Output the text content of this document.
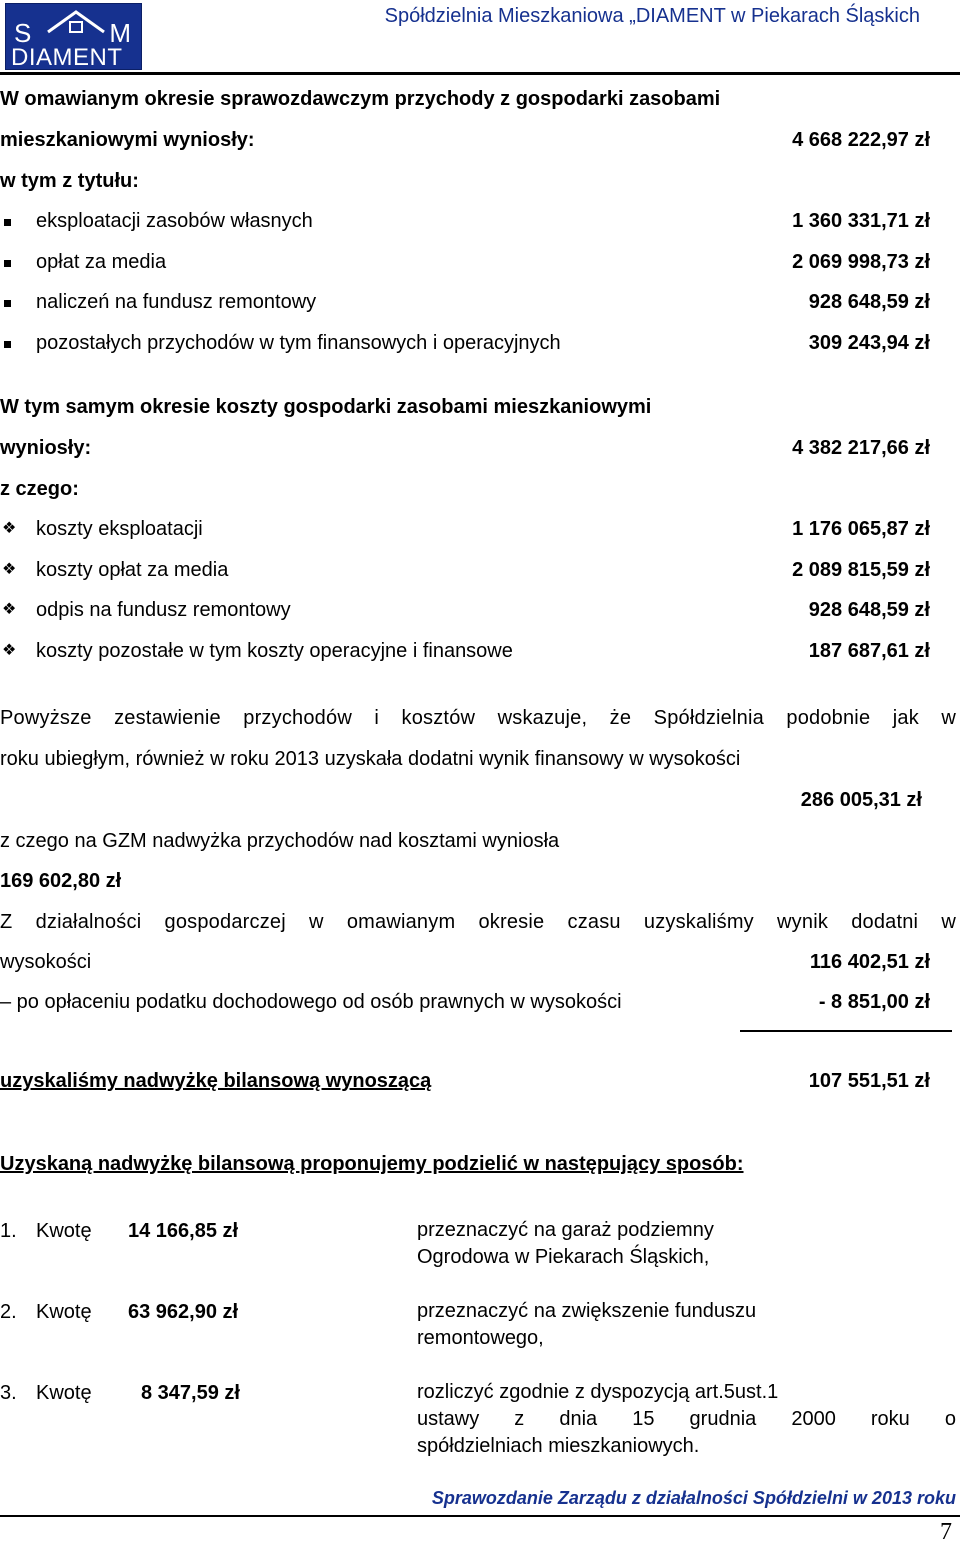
S	M
DIAMENT
Spółdzielnia Mieszkaniowa „DIAMENT w Piekarach Śląskich
W omawianym okresie sprawozdawczym przychody z gospodarki zasobami
mieszkaniowymi wyniosły:	4 668 222,97 zł
w tym z tytułu:
eksploatacji zasobów własnych	1 360 331,71 zł
opłat za media	2 069 998,73 zł
naliczeń na fundusz remontowy	928 648,59 zł
pozostałych przychodów w tym finansowych i operacyjnych	309 243,94 zł
W tym samym okresie koszty gospodarki zasobami mieszkaniowymi
wyniosły:	4 382 217,66 zł
z czego:
❖ koszty eksploatacji	1 176 065,87 zł
❖ koszty opłat za media	2 089 815,59 zł
❖ odpis na fundusz remontowy	928 648,59 zł
❖ koszty pozostałe w tym koszty operacyjne i finansowe	187 687,61 zł
Powyższe zestawienie przychodów i kosztów wskazuje, że Spółdzielnia podobnie jak w
roku ubiegłym, również w roku 2013 uzyskała dodatni wynik finansowy w wysokości
286 005,31 zł
z czego na GZM nadwyżka przychodów nad kosztami wyniosła
169 602,80 zł
Z działalności gospodarczej w omawianym okresie czasu uzyskaliśmy wynik dodatni w
wysokości	116 402,51 zł
– po opłaceniu podatku dochodowego od osób prawnych w wysokości	- 8 851,00 zł
uzyskaliśmy nadwyżkę bilansową wynoszącą	107 551,51 zł
Uzyskaną nadwyżkę bilansową proponujemy podzielić w następujący sposób:
1. Kwotę 14 166,85 zł	przeznaczyć na garaż podziemny
Ogrodowa w Piekarach Śląskich,
2. Kwotę 63 962,90 zł	przeznaczyć na zwiększenie funduszu
remontowego,
3. Kwotę 8 347,59 zł	rozliczyć zgodnie z dyspozycją art.5ust.1
ustawy z dnia 15 grudnia 2000 roku o
spółdzielniach mieszkaniowych.
Sprawozdanie Zarządu z działalności Spółdzielni w 2013 roku
7
